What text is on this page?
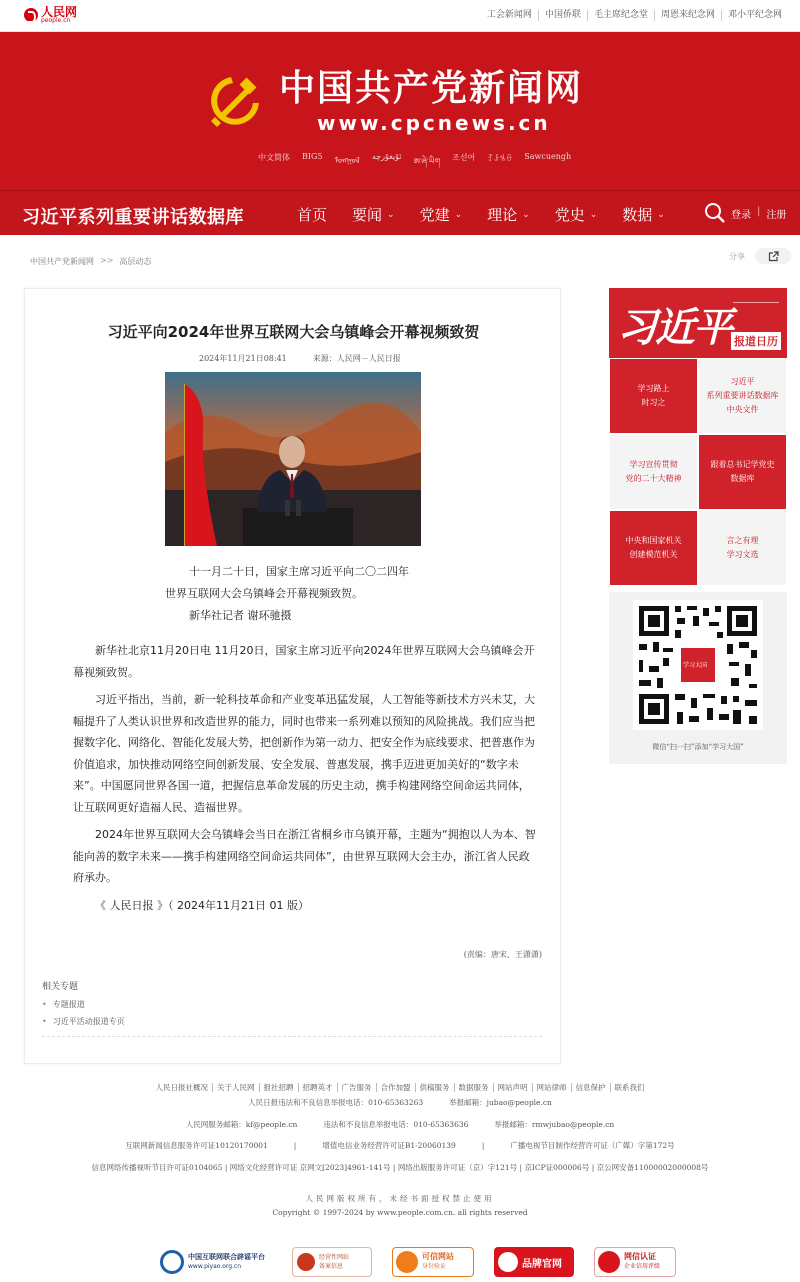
人民网
people.cn
工会新闻网	中国侨联	毛主席纪念堂	周恩来纪念网	邓小平纪念网
中国共产党新闻网
www.cpcnews.cn
中文简体 BIG5 ᠮᠣᠩᠭᠣᠯ ئۇيغۇرچە
ཨ་ཞེ་ཡིག 조선어 ꆈꌠꁱꂷ Sawcuengh
习近平系列重要讲话数据库	首页 要闻 ⌄ 党建 ⌄ 理论 ⌄ 党史 ⌄ 数据 ⌄	登录 | 注册
中国共产党新闻网 >> 高层动态
分享
习近平向2024年世界互联网大会乌镇峰会开幕视频致贺
2024年11月21日08:41	来源：人民网－人民日报
十一月二十日，国家主席习近平向二〇二四年
世界互联网大会乌镇峰会开幕视频致贺。
新华社记者 谢环驰摄

新华社北京11月20日电 11月20日，国家主席习近平向2024年世界互联网大会乌镇峰会开幕视频致贺。

习近平指出，当前，新一轮科技革命和产业变革迅猛发展，人工智能等新技术方兴未艾，大幅提升了人类认识世界和改造世界的能力，同时也带来一系列难以预知的风险挑战。我们应当把握数字化、网络化、智能化发展大势，把创新作为第一动力、把安全作为底线要求、把普惠作为价值追求，加快推动网络空间创新发展、安全发展、普惠发展，携手迈进更加美好的“数字未来”。中国愿同世界各国一道，把握信息革命发展的历史主动，携手构建网络空间命运共同体，让互联网更好造福人民、造福世界。

2024年世界互联网大会乌镇峰会当日在浙江省桐乡市乌镇开幕，主题为“拥抱以人为本、智能向善的数字未来——携手构建网络空间命运共同体”，由世界互联网大会主办，浙江省人民政府承办。

《 人民日报 》（ 2024年11月21日 01 版）

(责编：唐宋、王潇潇)
相关专题
• 专题报道
• 习近平活动报道专页
习近平 报道日历
学习路上
时习之
习近平
系列重要讲话数据库
中央文件
学习宣传贯彻
党的二十大精神
跟着总书记学党史
数据库
中央和国家机关
创建模范机关
言之有理
学习文选
学习大国
微信“扫一扫”添加“学习大国”
人民日报社概况	关于人民网	报社招聘	招聘英才	广告服务	合作加盟	供稿服务	数据服务	网站声明	网站律师	信息保护	联系我们
人民日报违法和不良信息举报电话：010-65363263	举报邮箱：jubao@people.cn
人民网服务邮箱：kf@people.cn	违法和不良信息举报电话：010-65363636	举报邮箱：rmwjubao@people.cn
互联网新闻信息服务许可证10120170001	|	增值电信业务经营许可证B1-20060139	|	广播电视节目制作经营许可证（广媒）字第172号
信息网络传播视听节目许可证0104065 | 网络文化经营许可证 京网文[2023]4961-141号 | 网络出版服务许可证（京）字121号 | 京ICP证000006号 | 京公网安备11000002000008号
人民网版权所有，未经书面授权禁止使用
Copyright © 1997-2024 by www.people.com.cn. all rights reserved
中国互联网联合辟谣平台
www.piyao.org.cn
经营性网站
备案信息
可信网站
身份验证	品牌官网
网信认证
企业信用评级
